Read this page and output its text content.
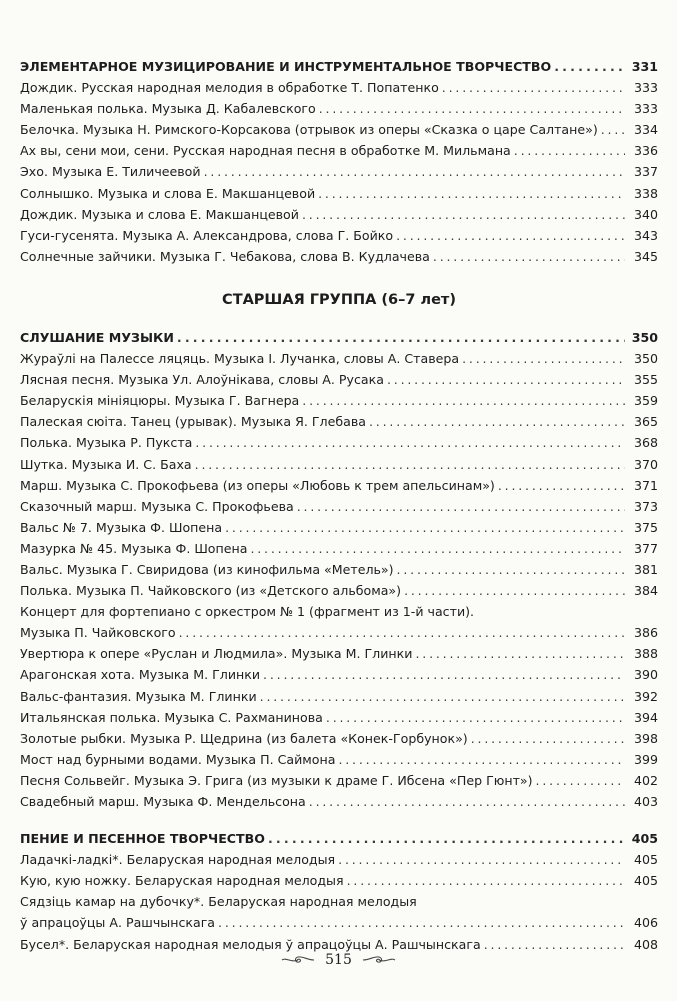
ЭЛЕМЕНТАРНОЕ МУЗИЦИРОВАНИЕ И ИНСТРУМЕНТАЛЬНОЕ ТВОРЧЕСТВО . . .	331
Дождик. Русская народная мелодия в обработке Т. Попатенко . . .	333
Маленькая полька. Музыка Д. Кабалевского . . .	333
Белочка. Музыка Н. Римского-Корсакова (отрывок из оперы «Сказка о царе Салтане») . . .	334
Ах вы, сени мои, сени. Русская народная песня в обработке М. Мильмана . . .	336
Эхо. Музыка Е. Тиличеевой . . .	337
Солнышко. Музыка и слова Е. Макшанцевой . . .	338
Дождик. Музыка и слова Е. Макшанцевой . . .	340
Гуси-гусенята. Музыка А. Александрова, слова Г. Бойко . . .	343
Солнечные зайчики. Музыка Г. Чебакова, слова В. Кудлачева . . .	345
СТАРШАЯ ГРУППА (6–7 лет)
СЛУШАНИЕ МУЗЫКИ . . .	350
Жураўлі на Палессе ляцяць. Музыка І. Лучанка, словы А. Ставера . . .	350
Лясная песня. Музыка Ул. Алоўнікава, словы А. Русака . . .	355
Беларускія мініяцюры. Музыка Г. Вагнера . . .	359
Палеская сюіта. Танец (урывак). Музыка Я. Глебава . . .	365
Полька. Музыка Р. Пукста . . .	368
Шутка. Музыка И. С. Баха . . .	370
Марш. Музыка С. Прокофьева (из оперы «Любовь к трем апельсинам») . . .	371
Сказочный марш. Музыка С. Прокофьева . . .	373
Вальс № 7. Музыка Ф. Шопена . . .	375
Мазурка № 45. Музыка Ф. Шопена . . .	377
Вальс. Музыка Г. Свиридова (из кинофильма «Метель») . . .	381
Полька. Музыка П. Чайковского (из «Детского альбома») . . .	384
Концерт для фортепиано с оркестром № 1 (фрагмент из 1-й части).
Музыка П. Чайковского . . .	386
Увертюра к опере «Руслан и Людмила». Музыка М. Глинки . . .	388
Арагонская хота. Музыка М. Глинки . . .	390
Вальс-фантазия. Музыка М. Глинки . . .	392
Итальянская полька. Музыка С. Рахманинова . . .	394
Золотые рыбки. Музыка Р. Щедрина (из балета «Конек-Горбунок») . . .	398
Мост над бурными водами. Музыка П. Саймона . . .	399
Песня Сольвейг. Музыка Э. Грига (из музыки к драме Г. Ибсена «Пер Гюнт») . . .	402
Свадебный марш. Музыка Ф. Мендельсона . . .	403
ПЕНИЕ И ПЕСЕННОЕ ТВОРЧЕСТВО . . .	405
Ладачкі-ладкі*. Беларуская народная мелодыя . . .	405
Кую, кую ножку. Беларуская народная мелодыя . . .	405
Сядзіць камар на дубочку*. Беларуская народная мелодыя
ў апрацоўцы А. Рашчынскага . . .	406
Бусел*. Беларуская народная мелодыя ў апрацоўцы А. Рашчынскага . . .	408
515
